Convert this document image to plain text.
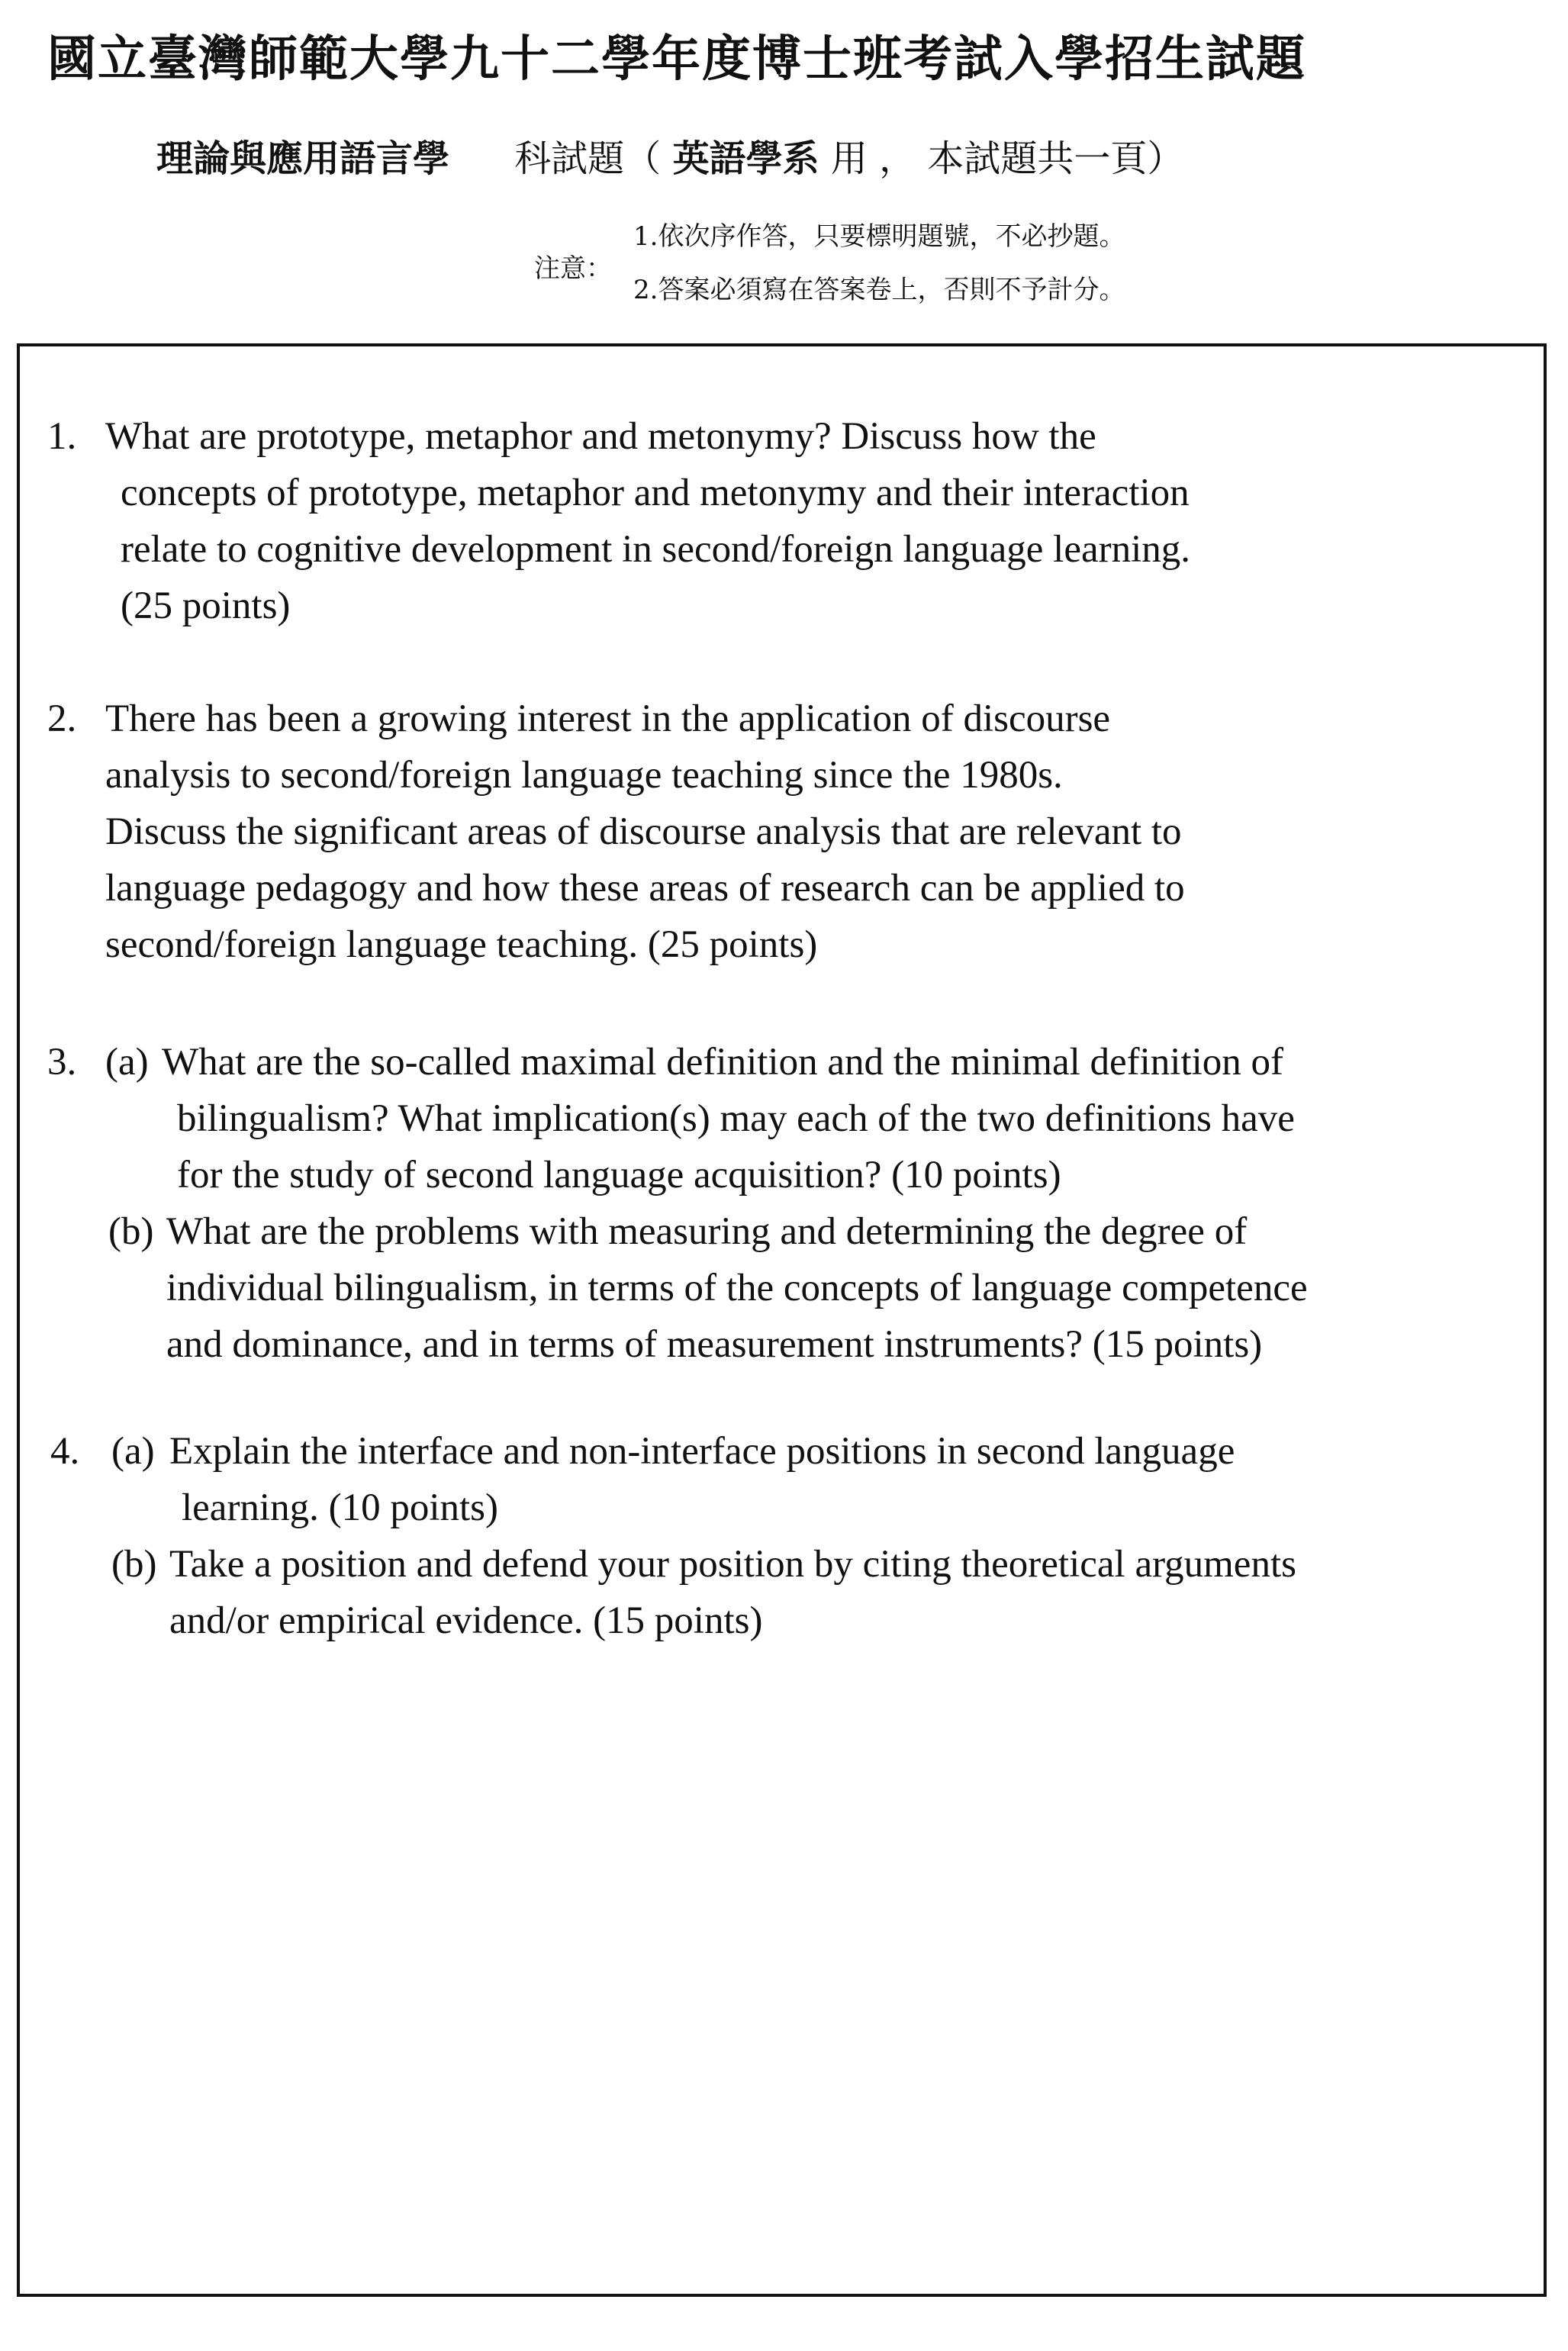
國立臺灣師範大學九十二學年度博士班考試入學招生試題
理論與應用語言學 科試題（ 英語學系 用 ， 本試題共一頁）
注意：
1.依次序作答，只要標明題號，不必抄題。
2.答案必須寫在答案卷上，否則不予計分。
1. What are prototype, metaphor and metonymy? Discuss how the
concepts of prototype, metaphor and metonymy and their interaction
relate to cognitive development in second/foreign language learning.
(25 points)
2. There has been a growing interest in the application of discourse
analysis to second/foreign language teaching since the 1980s.
Discuss the significant areas of discourse analysis that are relevant to
language pedagogy and how these areas of research can be applied to
second/foreign language teaching. (25 points)
3. (a) What are the so-called maximal definition and the minimal definition of
bilingualism? What implication(s) may each of the two definitions have
for the study of second language acquisition? (10 points)
(b) What are the problems with measuring and determining the degree of
individual bilingualism, in terms of the concepts of language competence
and dominance, and in terms of measurement instruments? (15 points)
4. (a) Explain the interface and non-interface positions in second language
learning. (10 points)
(b) Take a position and defend your position by citing theoretical arguments
and/or empirical evidence. (15 points)
